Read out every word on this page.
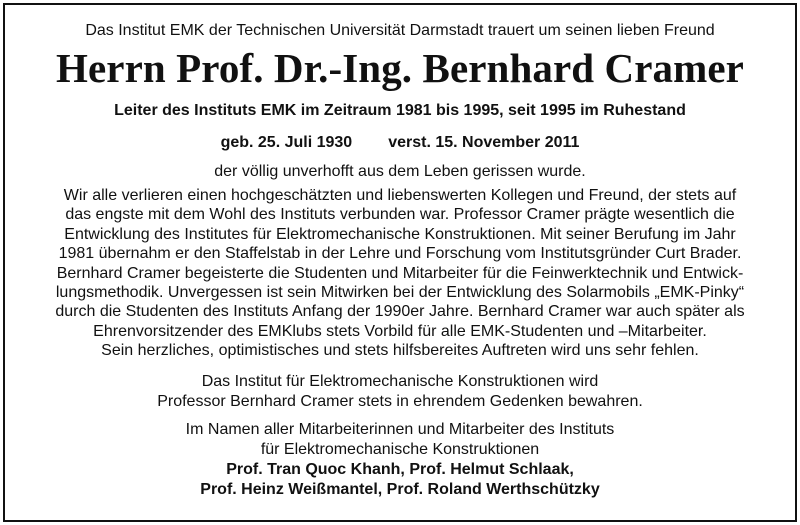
Das Institut EMK der Technischen Universität Darmstadt trauert um seinen lieben Freund
Herrn Prof. Dr.-Ing. Bernhard Cramer
Leiter des Instituts EMK im Zeitraum 1981 bis 1995, seit 1995 im Ruhestand
geb. 25. Juli 1930 verst. 15. November 2011
der völlig unverhofft aus dem Leben gerissen wurde.
Wir alle verlieren einen hochgeschätzten und liebenswerten Kollegen und Freund, der stets auf
das engste mit dem Wohl des Instituts verbunden war. Professor Cramer prägte wesentlich die
Entwicklung des Institutes für Elektromechanische Konstruktionen. Mit seiner Berufung im Jahr
1981 übernahm er den Staffelstab in der Lehre und Forschung vom Institutsgründer Curt Brader.
Bernhard Cramer begeisterte die Studenten und Mitarbeiter für die Feinwerktechnik und Entwick-
lungsmethodik. Unvergessen ist sein Mitwirken bei der Entwicklung des Solarmobils „EMK-Pinky“
durch die Studenten des Instituts Anfang der 1990er Jahre. Bernhard Cramer war auch später als
Ehrenvorsitzender des EMKlubs stets Vorbild für alle EMK-Studenten und –Mitarbeiter.
Sein herzliches, optimistisches und stets hilfsbereites Auftreten wird uns sehr fehlen.
Das Institut für Elektromechanische Konstruktionen wird
Professor Bernhard Cramer stets in ehrendem Gedenken bewahren.
Im Namen aller Mitarbeiterinnen und Mitarbeiter des Instituts
für Elektromechanische Konstruktionen
Prof. Tran Quoc Khanh, Prof. Helmut Schlaak,
Prof. Heinz Weißmantel, Prof. Roland Werthschützky
